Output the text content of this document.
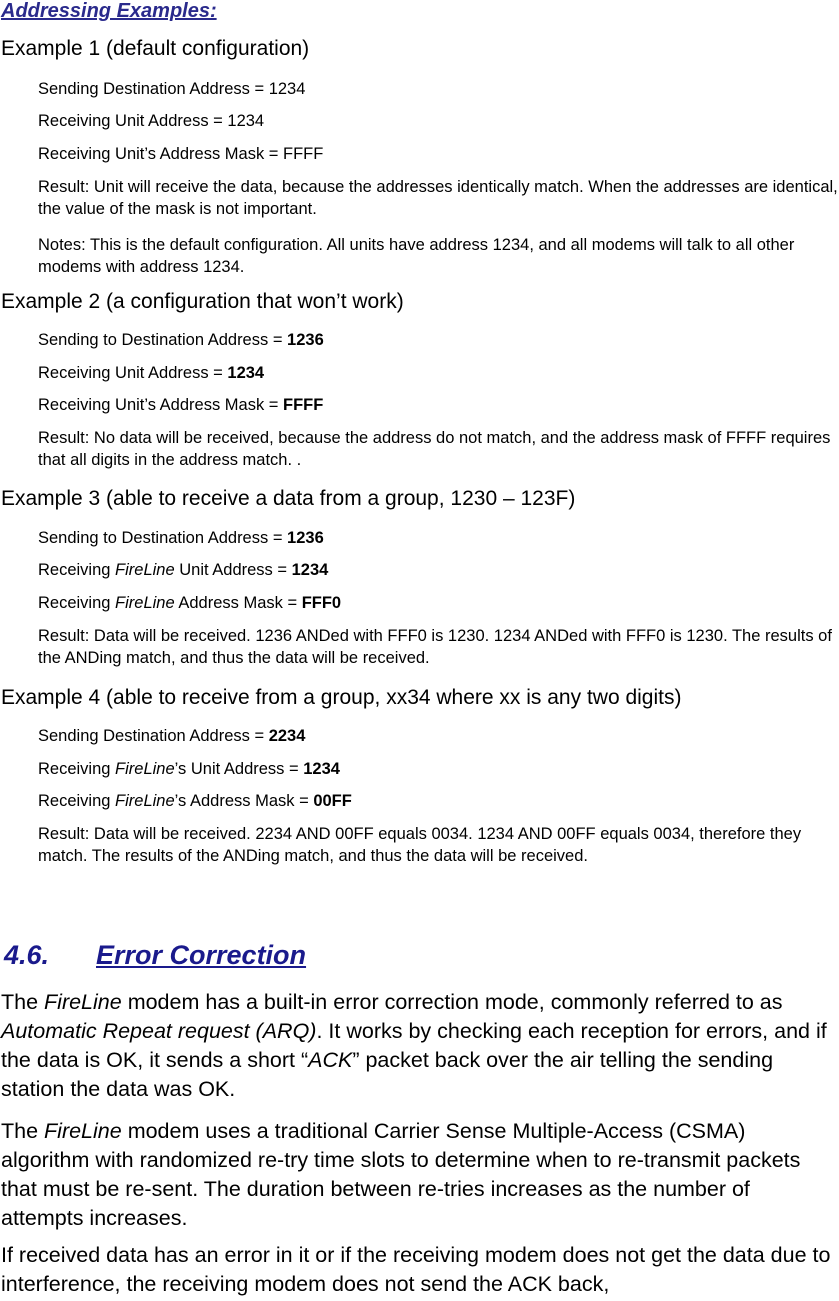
Addressing Examples:
Example 1 (default configuration)
Sending Destination Address = 1234
Receiving Unit Address = 1234
Receiving Unit’s Address Mask = FFFF
Result: Unit will receive the data, because the addresses identically match. When the addresses are identical, the value of the mask is not important.
Notes: This is the default configuration. All units have address 1234, and all modems will talk to all other modems with address 1234.
Example 2 (a configuration that won’t work)
Sending to Destination Address = 1236
Receiving Unit Address = 1234
Receiving Unit’s Address Mask = FFFF
Result: No data will be received, because the address do not match, and the address mask of FFFF requires that all digits in the address match. .
Example 3 (able to receive a data from a group, 1230 – 123F)
Sending to Destination Address = 1236
Receiving FireLine Unit Address = 1234
Receiving FireLine Address Mask = FFF0
Result: Data will be received. 1236 ANDed with FFF0 is 1230. 1234 ANDed with FFF0 is 1230. The results of the ANDing match, and thus the data will be received.
Example 4 (able to receive from a group, xx34 where xx is any two digits)
Sending Destination Address = 2234
Receiving FireLine’s Unit Address = 1234
Receiving FireLine’s Address Mask = 00FF
Result: Data will be received. 2234 AND 00FF equals 0034. 1234 AND 00FF equals 0034, therefore they match. The results of the ANDing match, and thus the data will be received.
4.6. Error Correction
The FireLine modem has a built-in error correction mode, commonly referred to as Automatic Repeat request (ARQ). It works by checking each reception for errors, and if the data is OK, it sends a short “ACK” packet back over the air telling the sending station the data was OK.
The FireLine modem uses a traditional Carrier Sense Multiple-Access (CSMA) algorithm with randomized re-try time slots to determine when to re-transmit packets that must be re-sent. The duration between re-tries increases as the number of attempts increases.
If received data has an error in it or if the receiving modem does not get the data due to interference, the receiving modem does not send the ACK back,
